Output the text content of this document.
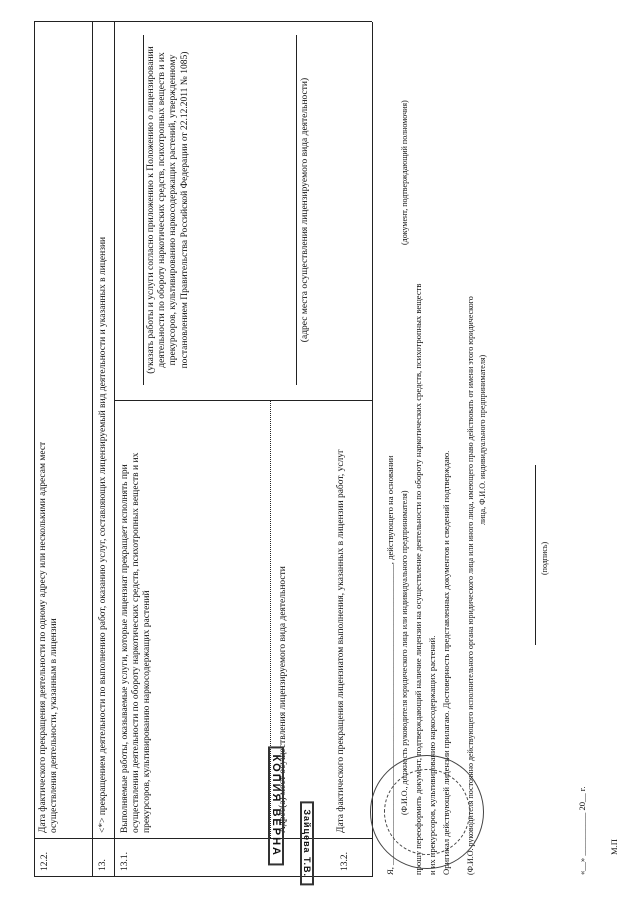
12.2.
Дата фактического прекращения деятельности по одному адресу или несколькими адресам мест осуществления деятельности, указанным в лицензии
13.
<*> прекращением деятельности по выполнению работ, оказанию услуг, составляющих лицензируемый вид деятельности и указанных в лицензии
13.1.
Выполняемые работы, оказываемые услуги, которые лицензиат прекращает исполнять при осуществлении деятельности по обороту наркотических средств, психотропных веществ и их прекурсоров, культивированию наркосодержащих растений
(указать работы и услуги согласно приложению к Положению о лицензировании деятельности по обороту наркотических средств, психотропных веществ и их прекурсоров, культивированию наркосодержащих растений, утвержденному постановлением Правительства Российской Федерации от 22.12.2011 № 1085)
Адрес(а) мест осуществления лицензируемого вида деятельности
(адрес места осуществления лицензируемого вида деятельности)
13.2.
Дата фактического прекращения лицензиатом выполнения, указанных в лицензии работ, услуг	Я, ______________________________________________________________________, действующего на основании (Ф.И.О., должность руководителя юридического лица или индивидуального предпринимателя)
(документ, подтверждающий полномочия)
прошу переоформить документ, подтверждающий наличие лицензии на осуществление деятельности по обороту наркотических средств, психотропных веществ и их прекурсоров, культивированию наркосодержащих растений. Оригинал действующей лицензии прилагаю. Достоверность представленных документов и сведений подтверждаю. (Ф.И.О. руководителя постоянно действующего исполнительного органа юридического лица или иного лица, имеющего право действовать от имени этого юридического лица, Ф.И.О. индивидуального предпринимателя)
(подпись)
«__» __________ 20__ г.	М.П
КОПИЯ ВЕРНА Зайцева Т.В.
